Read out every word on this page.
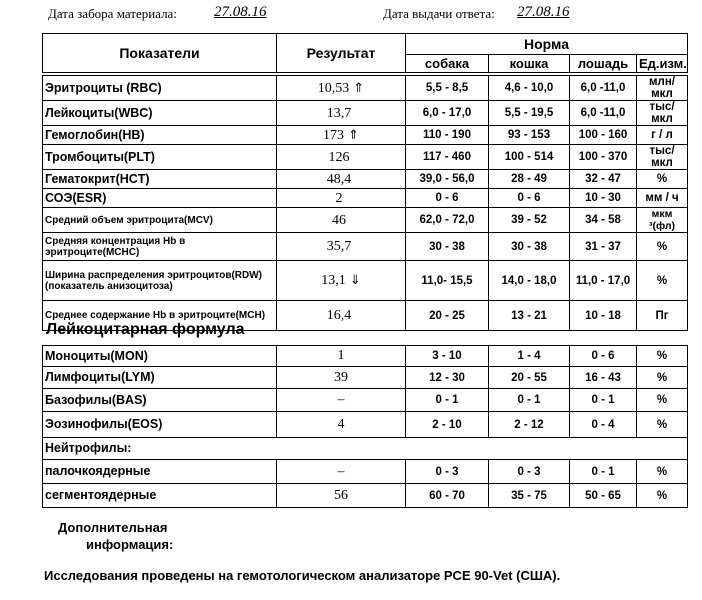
Дата забора материала: 27.08.16	Дата выдачи ответа: 27.08.16
Показатели	Результат	Норма			
		собака	кошка	лошадь	Ед.изм.

Эритроциты (RBC)	10,53 ⇑	5,5 - 8,5	4,6 - 10,0	6,0 -11,0	млн/мкл
Лейкоциты(WBC)	13,7	6,0 - 17,0	5,5 - 19,5	6,0 -11,0	тыс/мкл
Гемоглобин(HB)	173 ⇑	110 - 190	93 - 153	100 - 160	г / л
Тромбоциты(PLT)	126	117 - 460	100 - 514	100 - 370	тыс/мкл
Гематокрит(HCT)	48,4	39,0 - 56,0	28 - 49	32 - 47	%
СОЭ(ESR)	2	0 - 6	0 - 6	10 - 30	мм / ч
Средний объем эритроцита(MCV)	46	62,0 - 72,0	39 - 52	34 - 58	мкм ³(фл)
Средняя концентрация Hb в эритроците(MCHC)	35,7	30 - 38	30 - 38	31 - 37	%
Ширина распределения эритроцитов(RDW) (показатель анизоцитоза)	13,1 ⇓	11,0- 15,5	14,0 - 18,0	11,0 - 17,0	%
Среднее содержание Hb в эритроците(MCH)	16,4	20 - 25	13 - 21	10 - 18	Пг
Лейкоцитарная формула
Моноциты(MON)	1	3 - 10	1 - 4	0 - 6	%
Лимфоциты(LYM)	39	12 - 30	20 - 55	16 - 43	%
Базофилы(BAS)	–	0 - 1	0 - 1	0 - 1	%
Эозинофилы(EOS)	4	2 - 10	2 - 12	0 - 4	%
Нейтрофилы:					
палочкоядерные	–	0 - 3	0 - 3	0 - 1	%
сегментоядерные	56	60 - 70	35 - 75	50 - 65	%
Дополнительная
информация:
Исследования проведены на гемотологическом анализаторе PCE 90-Vet (США).
